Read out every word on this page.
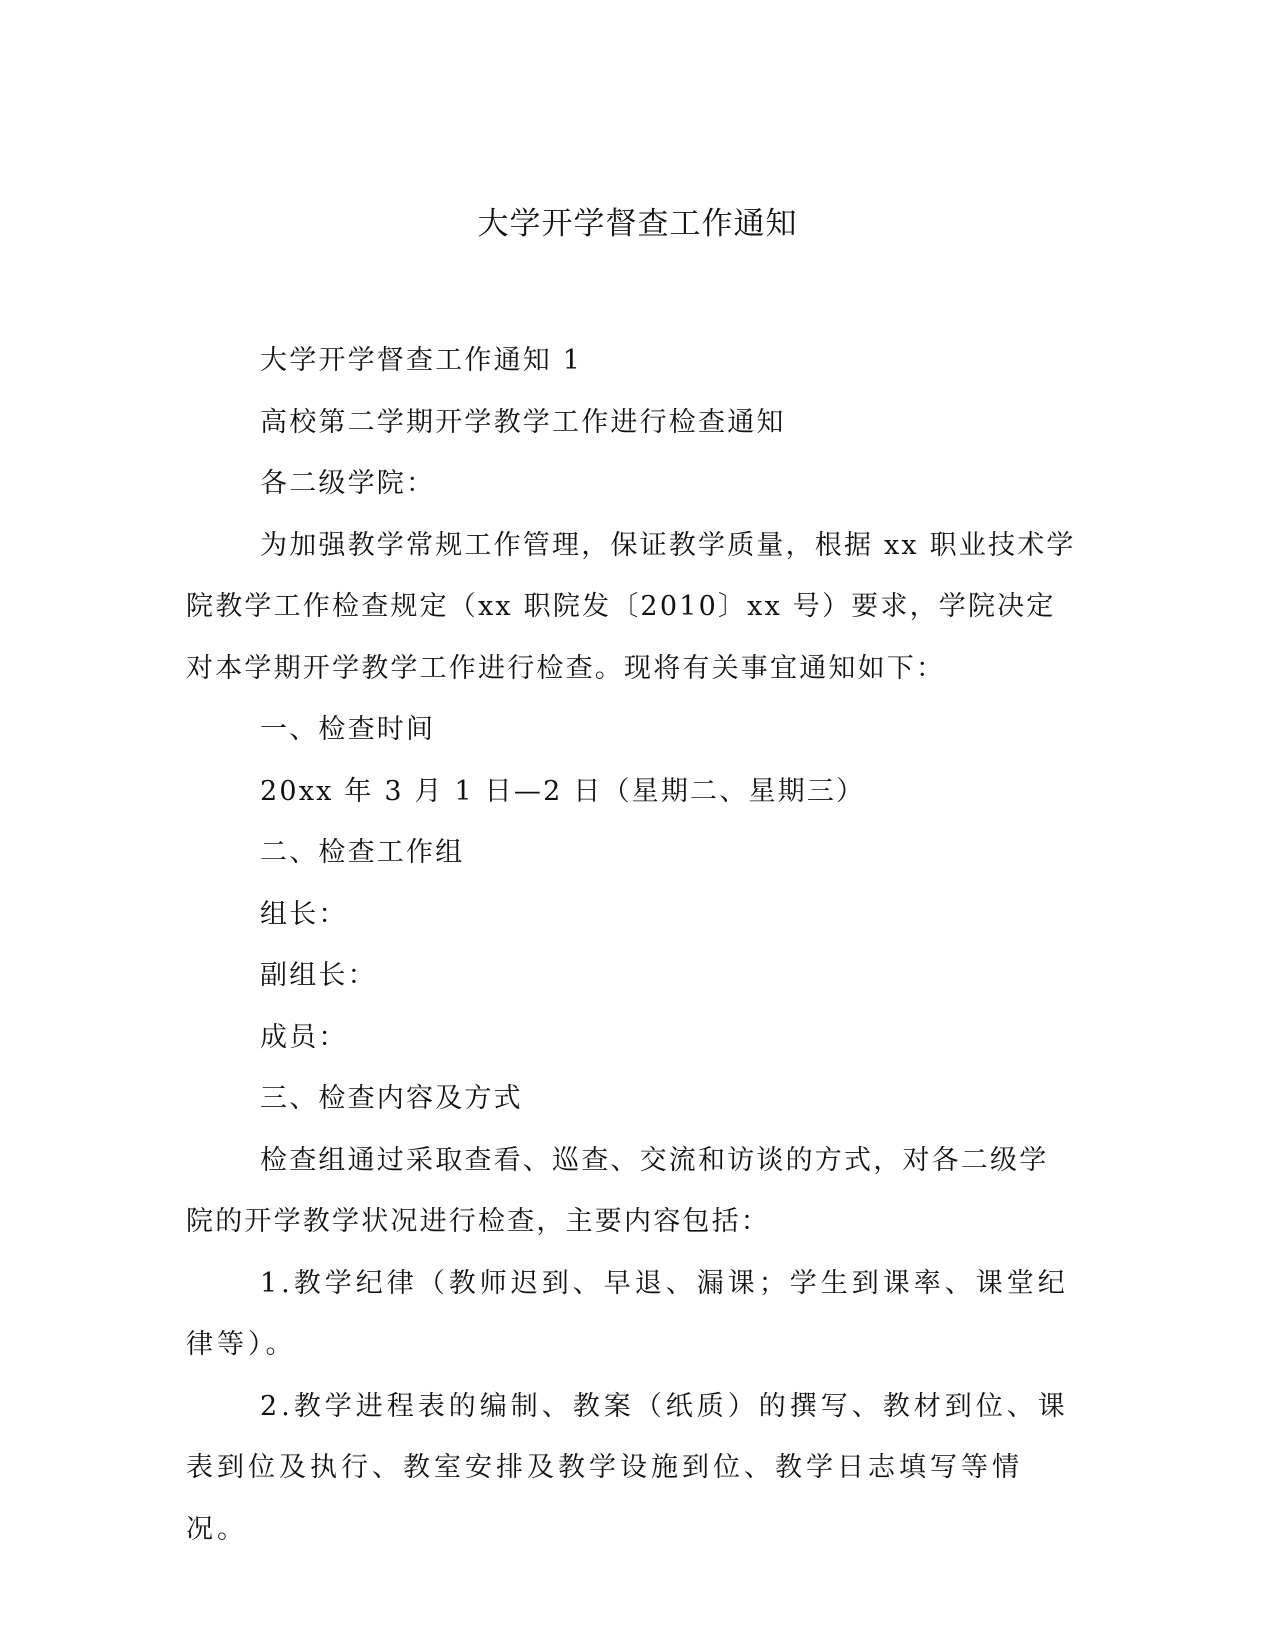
大学开学督查工作通知

大学开学督查工作通知 1

高校第二学期开学教学工作进行检查通知

各二级学院：

为加强教学常规工作管理，保证教学质量，根据 xx 职业技术学院教学工作检查规定（xx 职院发〔2010〕xx 号）要求，学院决定对本学期开学教学工作进行检查。现将有关事宜通知如下：

一、检查时间

20xx 年 3 月 1 日—2 日（星期二、星期三）

二、检查工作组

组长：

副组长：

成员：

三、检查内容及方式

检查组通过采取查看、巡查、交流和访谈的方式，对各二级学院的开学教学状况进行检查，主要内容包括：

1.教学纪律（教师迟到、早退、漏课；学生到课率、课堂纪律等）。

2.教学进程表的编制、教案（纸质）的撰写、教材到位、课表到位及执行、教室安排及教学设施到位、教学日志填写等情况。
